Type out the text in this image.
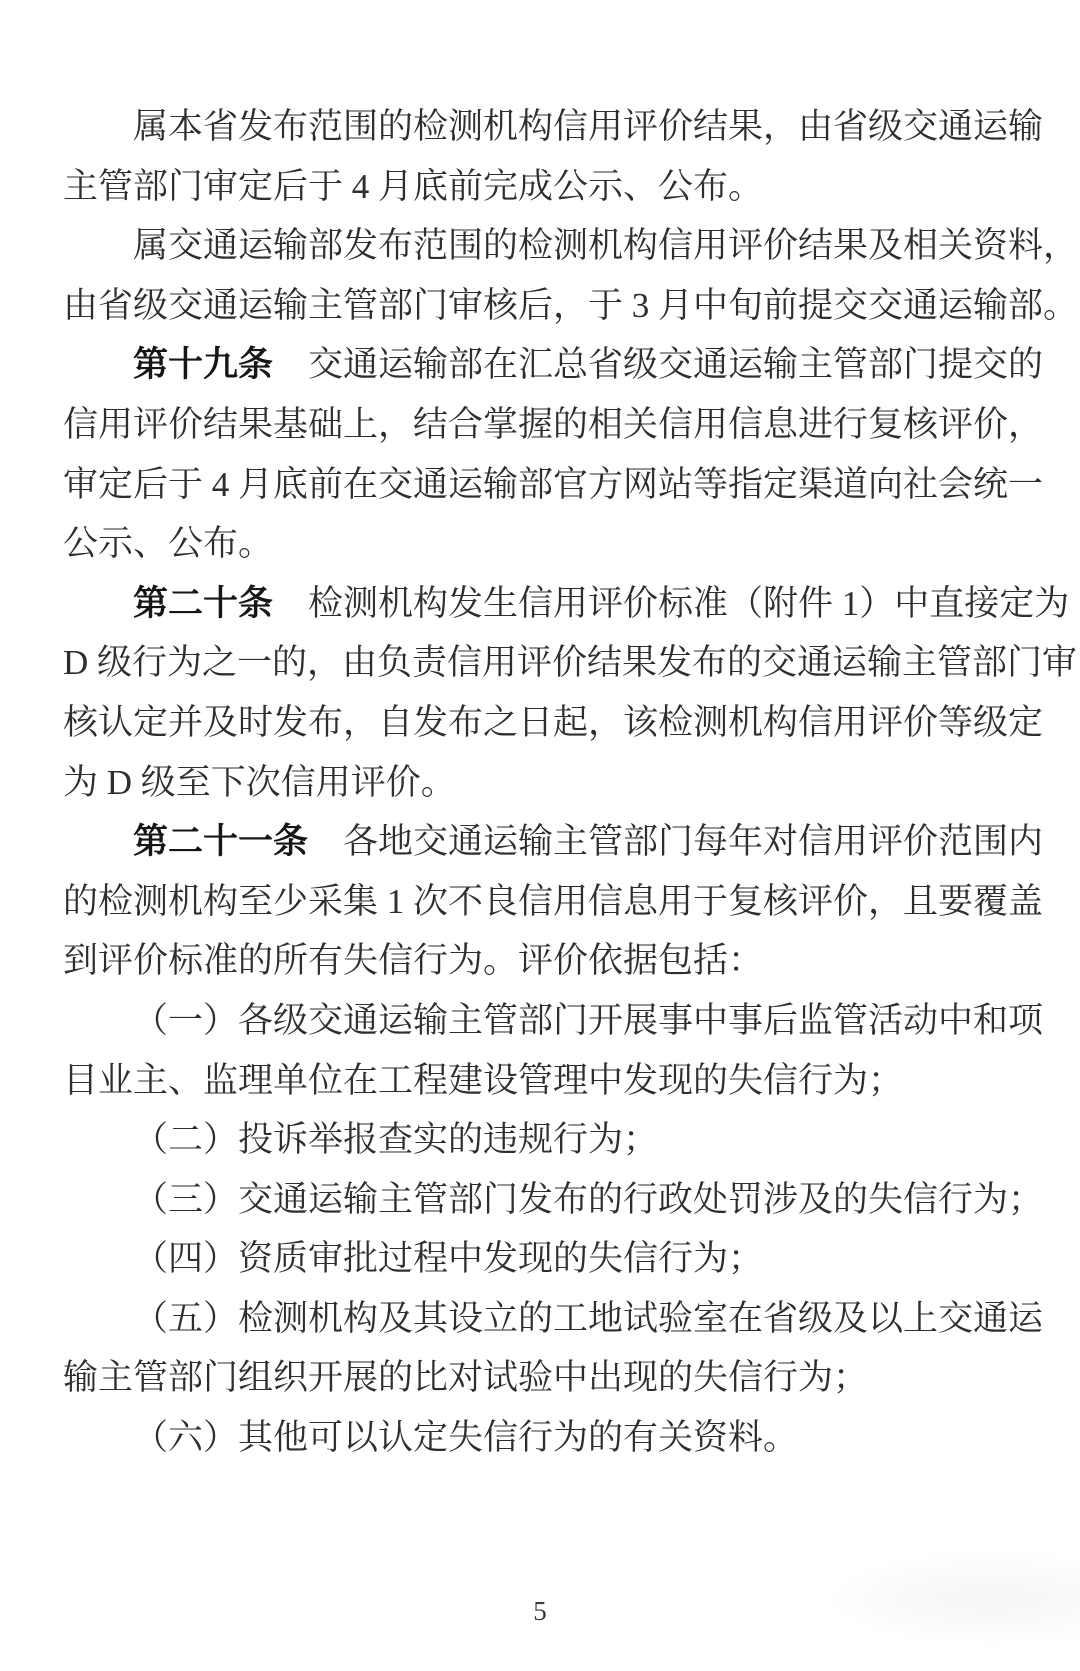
属本省发布范围的检测机构信用评价结果，由省级交通运输
主管部门审定后于 4 月底前完成公示、公布。
属交通运输部发布范围的检测机构信用评价结果及相关资料，
由省级交通运输主管部门审核后，于 3 月中旬前提交交通运输部。
第十九条　交通运输部在汇总省级交通运输主管部门提交的
信用评价结果基础上，结合掌握的相关信用信息进行复核评价，
审定后于 4 月底前在交通运输部官方网站等指定渠道向社会统一
公示、公布。
第二十条　检测机构发生信用评价标准（附件 1）中直接定为
D 级行为之一的，由负责信用评价结果发布的交通运输主管部门审
核认定并及时发布，自发布之日起，该检测机构信用评价等级定
为 D 级至下次信用评价。
第二十一条　各地交通运输主管部门每年对信用评价范围内
的检测机构至少采集 1 次不良信用信息用于复核评价，且要覆盖
到评价标准的所有失信行为。评价依据包括：
（一）各级交通运输主管部门开展事中事后监管活动中和项
目业主、监理单位在工程建设管理中发现的失信行为；
（二）投诉举报查实的违规行为；
（三）交通运输主管部门发布的行政处罚涉及的失信行为；
（四）资质审批过程中发现的失信行为；
（五）检测机构及其设立的工地试验室在省级及以上交通运
输主管部门组织开展的比对试验中出现的失信行为；
（六）其他可以认定失信行为的有关资料。
5
